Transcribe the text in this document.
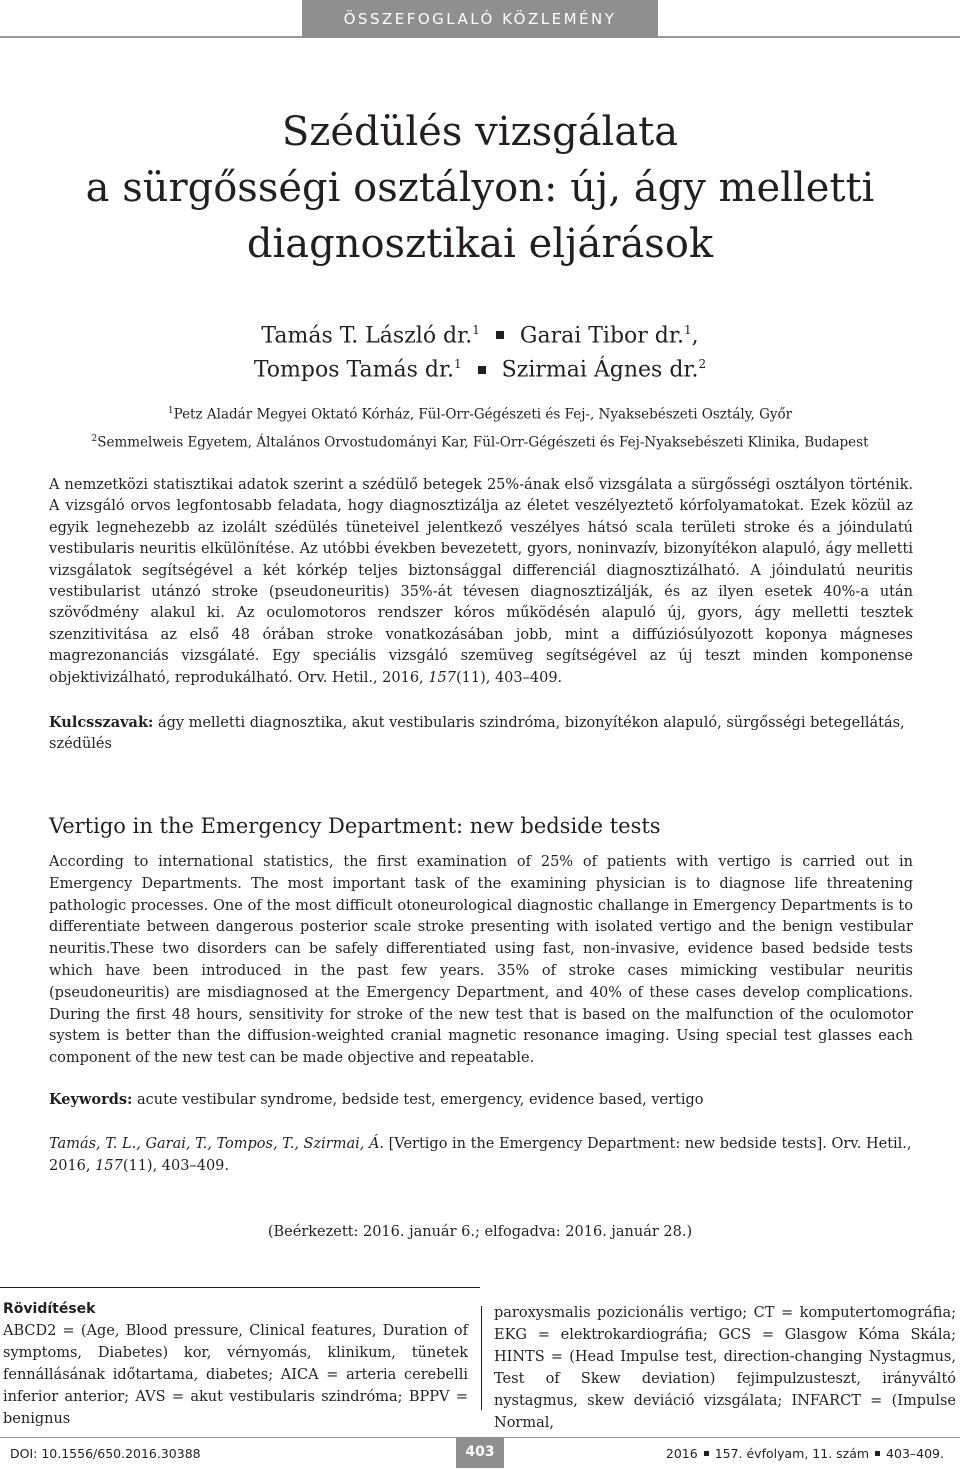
ÖSSZEFOGLALÓ KÖZLEMÉNY
Szédülés vizsgálata
a sürgősségi osztályon: új, ágy melletti
diagnosztikai eljárások
Tamás T. László dr.$^1$ Garai Tibor dr.$^1$,
Tompos Tamás dr.$^1$ Szirmai Ágnes dr.$^2$
$^1$Petz Aladár Megyei Oktató Kórház, Fül-Orr-Gégészeti és Fej-, Nyaksebészeti Osztály, Győr
$^2$Semmelweis Egyetem, Általános Orvostudományi Kar, Fül-Orr-Gégészeti és Fej-Nyaksebészeti Klinika, Budapest
A nemzetközi statisztikai adatok szerint a szédülő betegek 25%-ának első vizsgálata a sürgősségi osztályon történik. A vizsgáló orvos legfontosabb feladata, hogy diagnosztizálja az életet veszélyeztető kórfolyamatokat. Ezek közül az egyik legnehezebb az izolált szédülés tüneteivel jelentkező veszélyes hátsó scala területi stroke és a jóindulatú vestibularis neuritis elkülönítése. Az utóbbi években bevezetett, gyors, noninvazív, bizonyítékon alapuló, ágy melletti vizsgálatok segítségével a két kórkép teljes biztonsággal differenciál diagnosztizálható. A jóindulatú neuritis vestibularist utánzó stroke (pseudoneuritis) 35%-át tévesen diagnosztizálják, és az ilyen esetek 40%-a után szövődmény alakul ki. Az oculomotoros rendszer kóros működésén alapuló új, gyors, ágy melletti tesztek szenzitivitása az első 48 órában stroke vonatkozásában jobb, mint a diffúziósúlyozott koponya mágneses magrezonanciás vizsgálaté. Egy speciális vizsgáló szemüveg segítségével az új teszt minden komponense objektivizálható, reprodukálható. Orv. Hetil., 2016, 157(11), 403–409.
Kulcsszavak: ágy melletti diagnosztika, akut vestibularis szindróma, bizonyítékon alapuló, sürgősségi betegellátás, szédülés
Vertigo in the Emergency Department: new bedside tests
According to international statistics, the first examination of 25% of patients with vertigo is carried out in Emergency Departments. The most important task of the examining physician is to diagnose life threatening pathologic processes. One of the most difficult otoneurological diagnostic challange in Emergency Departments is to differentiate between dangerous posterior scale stroke presenting with isolated vertigo and the benign vestibular neuritis.These two disorders can be safely differentiated using fast, non-invasive, evidence based bedside tests which have been introduced in the past few years. 35% of stroke cases mimicking vestibular neuritis (pseudoneuritis) are misdiagnosed at the Emergency Department, and 40% of these cases develop complications. During the first 48 hours, sensitivity for stroke of the new test that is based on the malfunction of the oculomotor system is better than the diffusion-weighted cranial magnetic resonance imaging. Using special test glasses each component of the new test can be made objective and repeatable.
Keywords: acute vestibular syndrome, bedside test, emergency, evidence based, vertigo
Tamás, T. L., Garai, T., Tompos, T., Szirmai, Á. [Vertigo in the Emergency Department: new bedside tests]. Orv. Hetil., 2016, 157(11), 403–409.
(Beérkezett: 2016. január 6.; elfogadva: 2016. január 28.)
Rövidítések
ABCD2 = (Age, Blood pressure, Clinical features, Duration of symptoms, Diabetes) kor, vérnyomás, klinikum, tünetek fennállásának időtartama, diabetes; AICA = arteria cerebelli inferior anterior; AVS = akut vestibularis szindróma; BPPV = benignus
paroxysmalis pozicionális vertigo; CT = komputertomográfia; EKG = elektrokardiográfia; GCS = Glasgow Kóma Skála; HINTS = (Head Impulse test, direction-changing Nystagmus, Test of Skew deviation) fejimpulzusteszt, irányváltó nystagmus, skew deviáció vizsgálata; INFARCT = (Impulse Normal,
DOI: 10.1556/650.2016.30388	403	2016 157. évfolyam, 11. szám 403–409.
